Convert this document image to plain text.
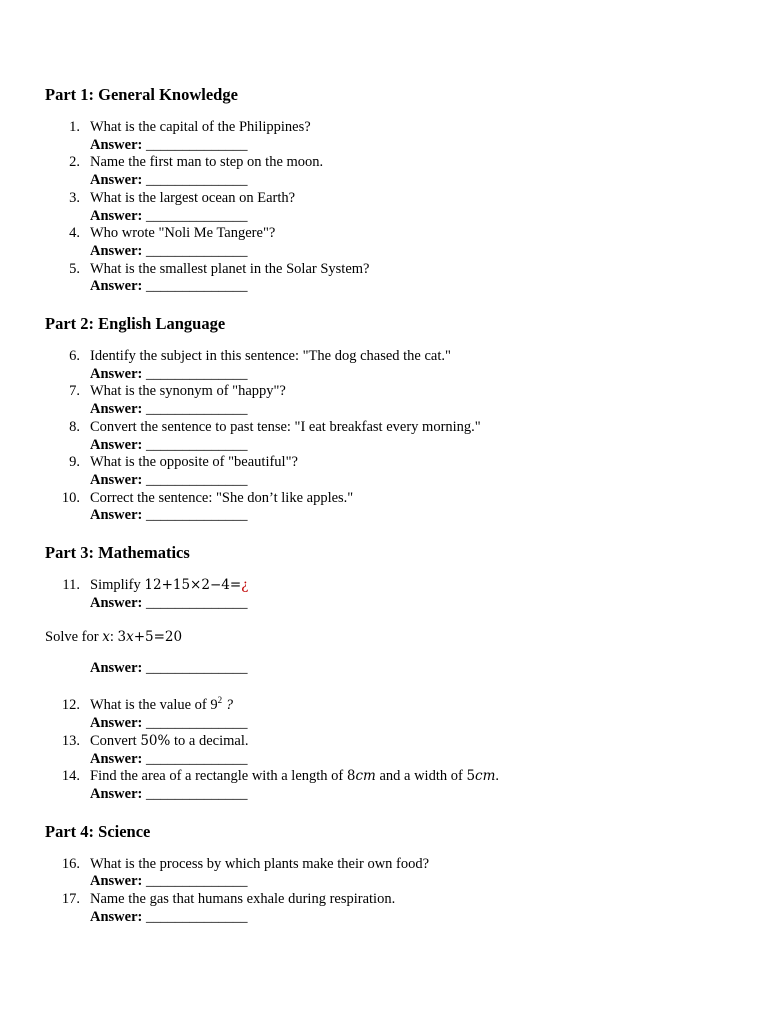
Part 1: General Knowledge
1. What is the capital of the Philippines?
Answer: ______________
2. Name the first man to step on the moon.
Answer: ______________
3. What is the largest ocean on Earth?
Answer: ______________
4. Who wrote "Noli Me Tangere"?
Answer: ______________
5. What is the smallest planet in the Solar System?
Answer: ______________
Part 2: English Language
6. Identify the subject in this sentence: "The dog chased the cat."
Answer: ______________
7. What is the synonym of "happy"?
Answer: ______________
8. Convert the sentence to past tense: "I eat breakfast every morning."
Answer: ______________
9. What is the opposite of "beautiful"?
Answer: ______________
10. Correct the sentence: "She don’t like apples."
Answer: ______________
Part 3: Mathematics
11. Simplify 12+15×2−4=¿
Answer: ______________
Solve for x: 3x+5=20
Answer: ______________
12. What is the value of $9^2$ ?
Answer: ______________
13. Convert 50% to a decimal.
Answer: ______________
14. Find the area of a rectangle with a length of 8cm and a width of 5cm.
Answer: ______________
Part 4: Science
16. What is the process by which plants make their own food?
Answer: ______________
17. Name the gas that humans exhale during respiration.
Answer: ______________
